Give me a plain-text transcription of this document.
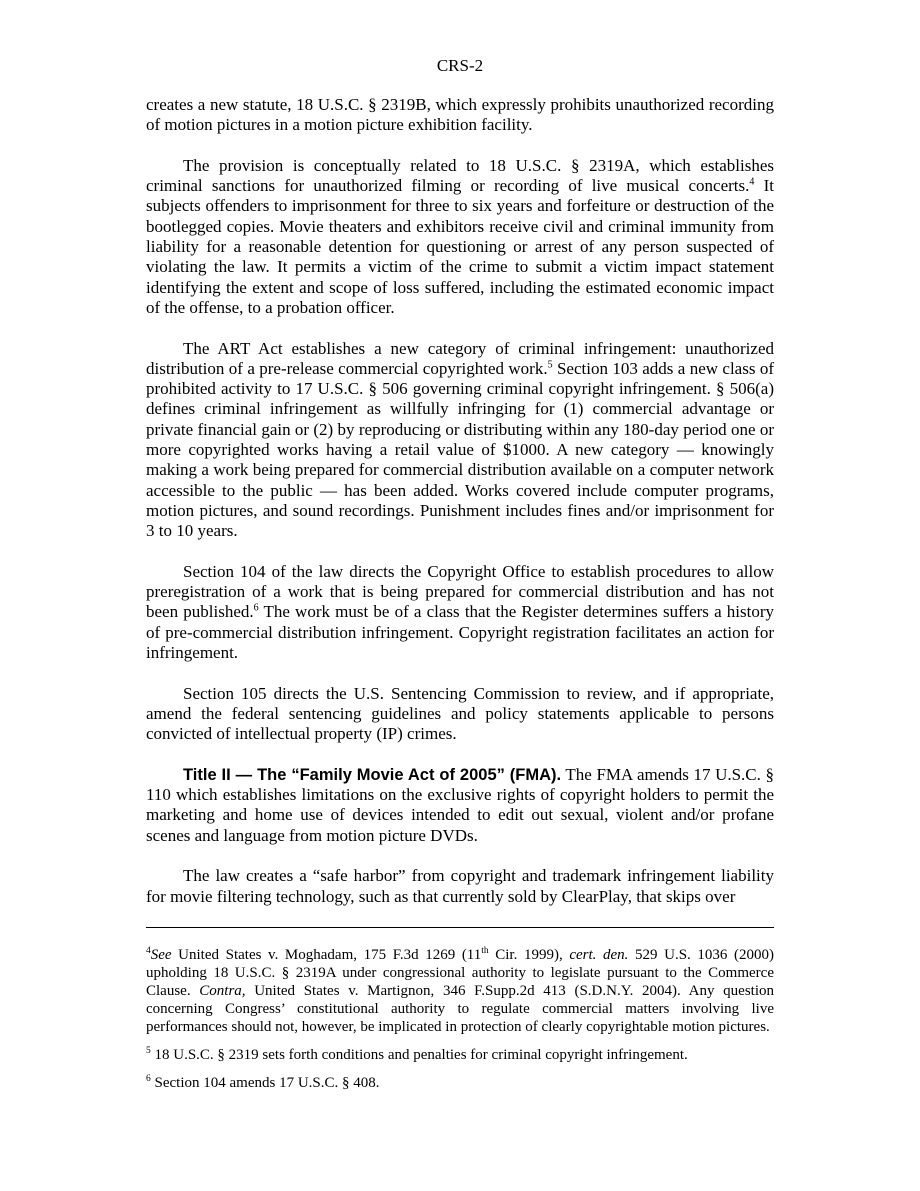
CRS-2

creates a new statute, 18 U.S.C. § 2319B, which expressly prohibits unauthorized recording of motion pictures in a motion picture exhibition facility.

The provision is conceptually related to 18 U.S.C. § 2319A, which establishes criminal sanctions for unauthorized filming or recording of live musical concerts.$^4$ It subjects offenders to imprisonment for three to six years and forfeiture or destruction of the bootlegged copies. Movie theaters and exhibitors receive civil and criminal immunity from liability for a reasonable detention for questioning or arrest of any person suspected of violating the law. It permits a victim of the crime to submit a victim impact statement identifying the extent and scope of loss suffered, including the estimated economic impact of the offense, to a probation officer.

The ART Act establishes a new category of criminal infringement: unauthorized distribution of a pre-release commercial copyrighted work.$^5$ Section 103 adds a new class of prohibited activity to 17 U.S.C. § 506 governing criminal copyright infringement. § 506(a) defines criminal infringement as willfully infringing for (1) commercial advantage or private financial gain or (2) by reproducing or distributing within any 180-day period one or more copyrighted works having a retail value of $1000. A new category — knowingly making a work being prepared for commercial distribution available on a computer network accessible to the public — has been added. Works covered include computer programs, motion pictures, and sound recordings. Punishment includes fines and/or imprisonment for 3 to 10 years.

Section 104 of the law directs the Copyright Office to establish procedures to allow preregistration of a work that is being prepared for commercial distribution and has not been published.$^6$ The work must be of a class that the Register determines suffers a history of pre-commercial distribution infringement. Copyright registration facilitates an action for infringement.

Section 105 directs the U.S. Sentencing Commission to review, and if appropriate, amend the federal sentencing guidelines and policy statements applicable to persons convicted of intellectual property (IP) crimes.

Title II — The “Family Movie Act of 2005” (FMA). The FMA amends 17 U.S.C. § 110 which establishes limitations on the exclusive rights of copyright holders to permit the marketing and home use of devices intended to edit out sexual, violent and/or profane scenes and language from motion picture DVDs.

The law creates a “safe harbor” from copyright and trademark infringement liability for movie filtering technology, such as that currently sold by ClearPlay, that skips over

$^4$See United States v. Moghadam, 175 F.3d 1269 (11th Cir. 1999), cert. den. 529 U.S. 1036 (2000) upholding 18 U.S.C. § 2319A under congressional authority to legislate pursuant to the Commerce Clause. Contra, United States v. Martignon, 346 F.Supp.2d 413 (S.D.N.Y. 2004). Any question concerning Congress’ constitutional authority to regulate commercial matters involving live performances should not, however, be implicated in protection of clearly copyrightable motion pictures.

$^5$ 18 U.S.C. § 2319 sets forth conditions and penalties for criminal copyright infringement.

$^6$ Section 104 amends 17 U.S.C. § 408.
